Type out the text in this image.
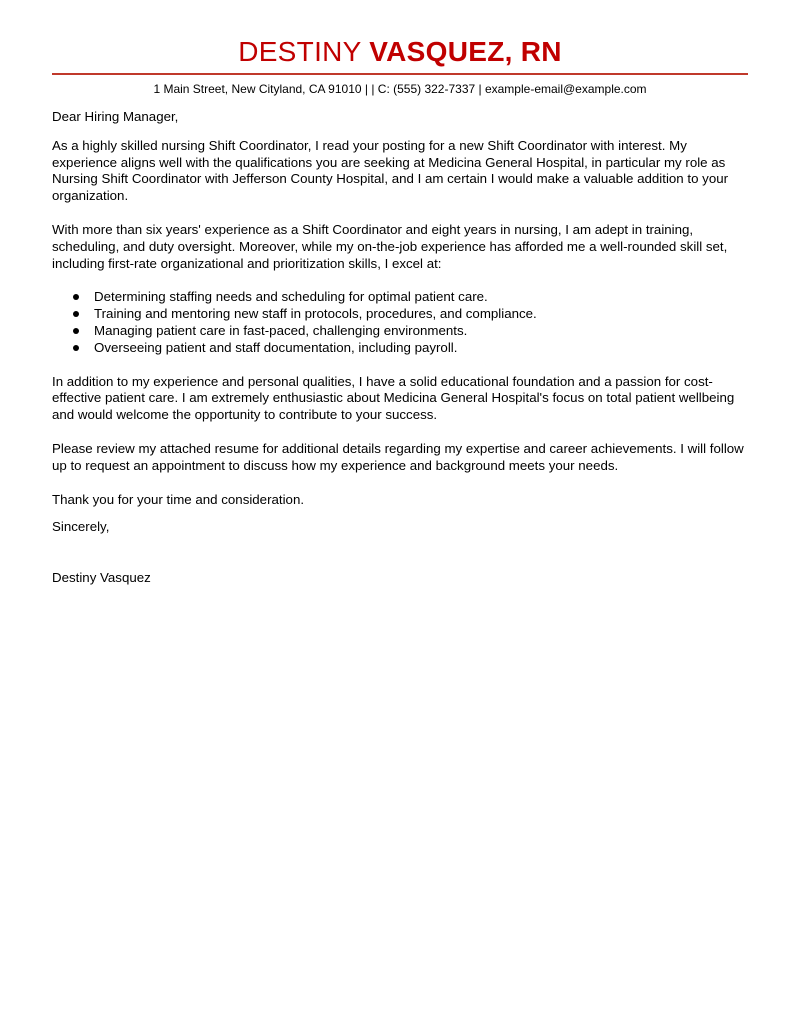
DESTINY VASQUEZ, RN
1 Main Street, New Cityland, CA 91010 | | C: (555) 322-7337 | example-email@example.com

Dear Hiring Manager,

As a highly skilled nursing Shift Coordinator, I read your posting for a new Shift Coordinator with interest. My experience aligns well with the qualifications you are seeking at Medicina General Hospital, in particular my role as Nursing Shift Coordinator with Jefferson County Hospital, and I am certain I would make a valuable addition to your organization.

With more than six years' experience as a Shift Coordinator and eight years in nursing, I am adept in training, scheduling, and duty oversight. Moreover, while my on-the-job experience has afforded me a well-rounded skill set, including first-rate organizational and prioritization skills, I excel at:

Determining staffing needs and scheduling for optimal patient care.
Training and mentoring new staff in protocols, procedures, and compliance.
Managing patient care in fast-paced, challenging environments.
Overseeing patient and staff documentation, including payroll.

In addition to my experience and personal qualities, I have a solid educational foundation and a passion for cost-effective patient care. I am extremely enthusiastic about Medicina General Hospital's focus on total patient wellbeing and would welcome the opportunity to contribute to your success.

Please review my attached resume for additional details regarding my expertise and career achievements. I will follow up to request an appointment to discuss how my experience and background meets your needs.

Thank you for your time and consideration.

Sincerely,

Destiny Vasquez
